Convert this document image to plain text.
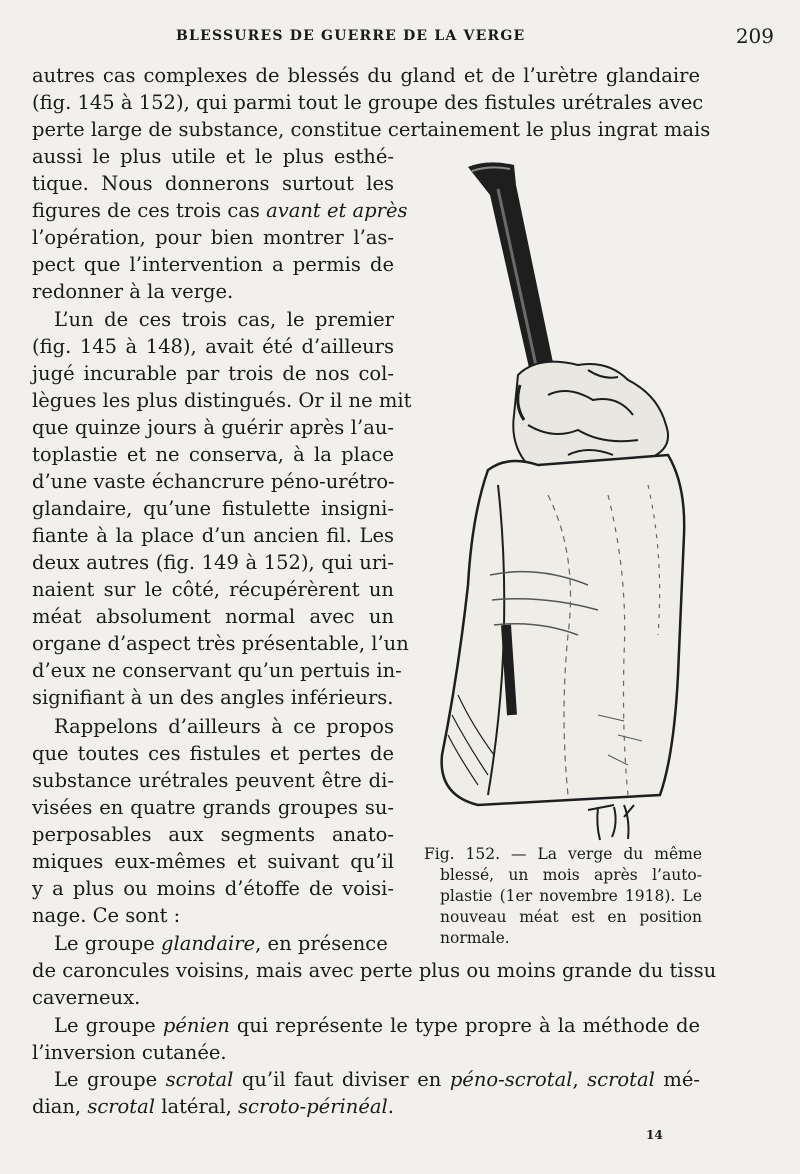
BLESSURES DE GUERRE DE LA VERGE	209
autres cas complexes de blessés du gland et de l’urètre glandaire
(fig. 145 à 152), qui parmi tout le groupe des fistules urétrales avec
perte large de substance, constitue certainement le plus ingrat mais
aussi le plus utile et le plus esthé-
tique. Nous donnerons surtout les
figures de ces trois cas avant et après
l’opération, pour bien montrer l’as-
pect que l’intervention a permis de
redonner à la verge.
L’un de ces trois cas, le premier
(fig. 145 à 148), avait été d’ailleurs
jugé incurable par trois de nos col-
lègues les plus distingués. Or il ne mit
que quinze jours à guérir après l’au-
toplastie et ne conserva, à la place
d’une vaste échancrure péno-urétro-
glandaire, qu’une fistulette insigni-
fiante à la place d’un ancien fil. Les
deux autres (fig. 149 à 152), qui uri-
naient sur le côté, récupérèrent un
méat absolument normal avec un
organe d’aspect très présentable, l’un
d’eux ne conservant qu’un pertuis in-
signifiant à un des angles inférieurs.
Rappelons d’ailleurs à ce propos
que toutes ces fistules et pertes de
substance urétrales peuvent être di-
visées en quatre grands groupes su-
perposables aux segments anato-
miques eux-mêmes et suivant qu’il
y a plus ou moins d’étoffe de voisi-
nage. Ce sont :
Le groupe glandaire, en présence
de caroncules voisins, mais avec perte plus ou moins grande du tissu
caverneux.
Le groupe pénien qui représente le type propre à la méthode de
l’inversion cutanée.
Le groupe scrotal qu’il faut diviser en péno-scrotal, scrotal mé-
dian, scrotal latéral, scroto-périnéal.
Fig. 152. — La verge du même
blessé, un mois après l’auto-
plastie (1er novembre 1918). Le
nouveau méat est en position
normale.
14
